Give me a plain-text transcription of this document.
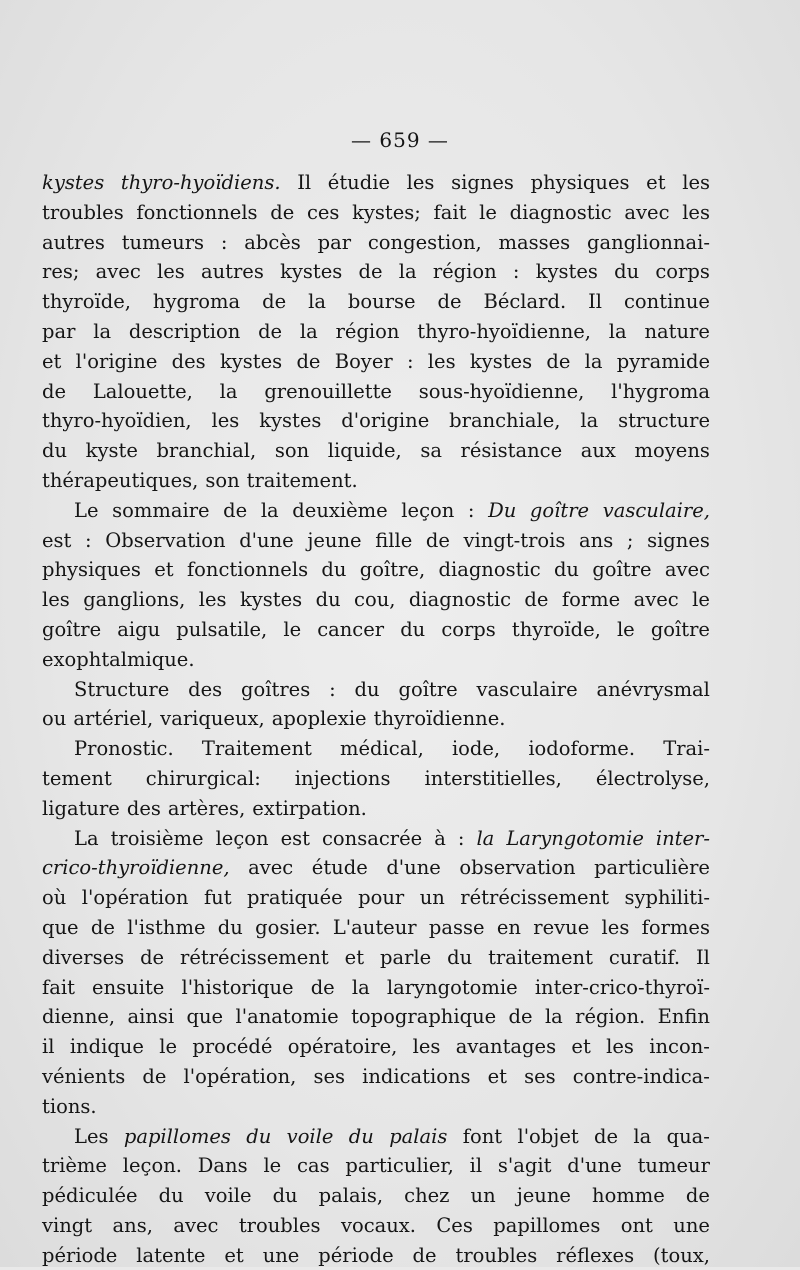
— 659 —
kystes thyro-hyoïdiens. Il étudie les signes physiques et les
troubles fonctionnels de ces kystes; fait le diagnostic avec les
autres tumeurs : abcès par congestion, masses ganglionnai-
res; avec les autres kystes de la région : kystes du corps
thyroïde, hygroma de la bourse de Béclard. Il continue
par la description de la région thyro-hyoïdienne, la nature
et l'origine des kystes de Boyer : les kystes de la pyramide
de Lalouette, la grenouillette sous-hyoïdienne, l'hygroma
thyro-hyoïdien, les kystes d'origine branchiale, la structure
du kyste branchial, son liquide, sa résistance aux moyens
thérapeutiques, son traitement.
Le sommaire de la deuxième leçon : Du goître vasculaire,
est : Observation d'une jeune fille de vingt-trois ans ; signes
physiques et fonctionnels du goître, diagnostic du goître avec
les ganglions, les kystes du cou, diagnostic de forme avec le
goître aigu pulsatile, le cancer du corps thyroïde, le goître
exophtalmique.
Structure des goîtres : du goître vasculaire anévrysmal
ou artériel, variqueux, apoplexie thyroïdienne.
Pronostic. Traitement médical, iode, iodoforme. Trai-
tement chirurgical: injections interstitielles, électrolyse,
ligature des artères, extirpation.
La troisième leçon est consacrée à : la Laryngotomie inter-
crico-thyroïdienne, avec étude d'une observation particulière
où l'opération fut pratiquée pour un rétrécissement syphiliti-
que de l'isthme du gosier. L'auteur passe en revue les formes
diverses de rétrécissement et parle du traitement curatif. Il
fait ensuite l'historique de la laryngotomie inter-crico-thyroï-
dienne, ainsi que l'anatomie topographique de la région. Enfin
il indique le procédé opératoire, les avantages et les incon-
vénients de l'opération, ses indications et ses contre-indica-
tions.
Les papillomes du voile du palais font l'objet de la qua-
trième leçon. Dans le cas particulier, il s'agit d'une tumeur
pédiculée du voile du palais, chez un jeune homme de
vingt ans, avec troubles vocaux. Ces papillomes ont une
période latente et une période de troubles réflexes (toux,
